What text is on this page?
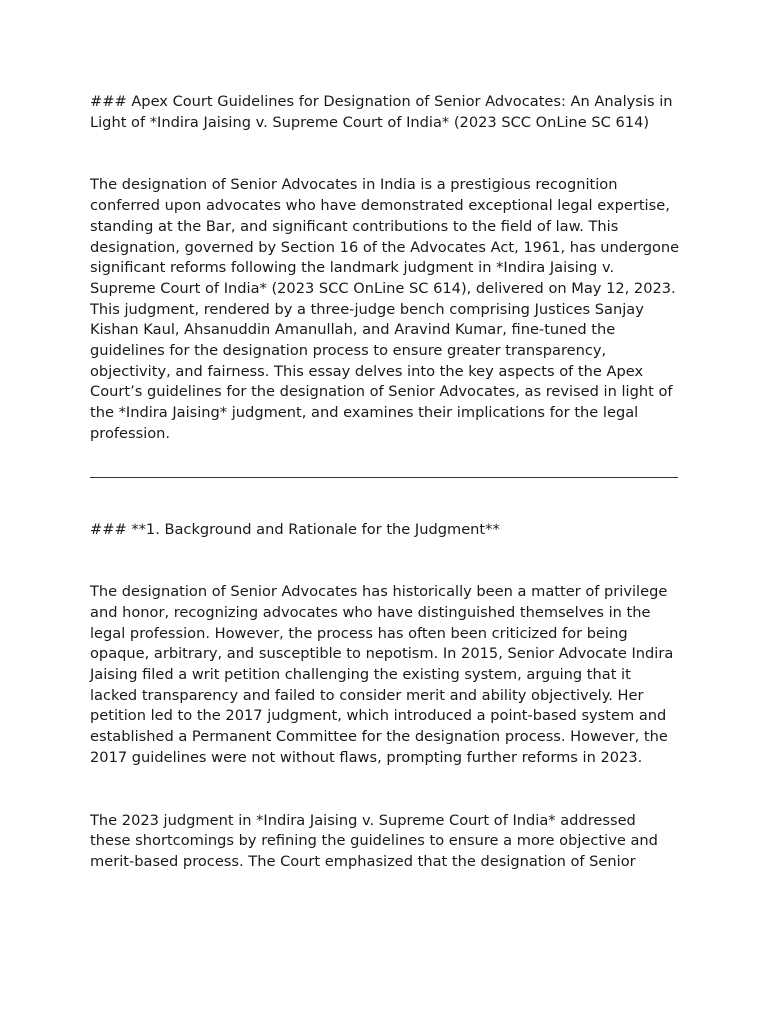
### Apex Court Guidelines for Designation of Senior Advocates: An Analysis in Light of *Indira Jaising v. Supreme Court of India* (2023 SCC OnLine SC 614)

The designation of Senior Advocates in India is a prestigious recognition conferred upon advocates who have demonstrated exceptional legal expertise, standing at the Bar, and significant contributions to the field of law. This designation, governed by Section 16 of the Advocates Act, 1961, has undergone significant reforms following the landmark judgment in *Indira Jaising v. Supreme Court of India* (2023 SCC OnLine SC 614), delivered on May 12, 2023. This judgment, rendered by a three-judge bench comprising Justices Sanjay Kishan Kaul, Ahsanuddin Amanullah, and Aravind Kumar, fine-tuned the guidelines for the designation process to ensure greater transparency, objectivity, and fairness. This essay delves into the key aspects of the Apex Court’s guidelines for the designation of Senior Advocates, as revised in light of the *Indira Jaising* judgment, and examines their implications for the legal profession.

### **1. Background and Rationale for the Judgment**

The designation of Senior Advocates has historically been a matter of privilege and honor, recognizing advocates who have distinguished themselves in the legal profession. However, the process has often been criticized for being opaque, arbitrary, and susceptible to nepotism. In 2015, Senior Advocate Indira Jaising filed a writ petition challenging the existing system, arguing that it lacked transparency and failed to consider merit and ability objectively. Her petition led to the 2017 judgment, which introduced a point-based system and established a Permanent Committee for the designation process. However, the 2017 guidelines were not without flaws, prompting further reforms in 2023.

The 2023 judgment in *Indira Jaising v. Supreme Court of India* addressed these shortcomings by refining the guidelines to ensure a more objective and merit-based process. The Court emphasized that the designation of Senior
